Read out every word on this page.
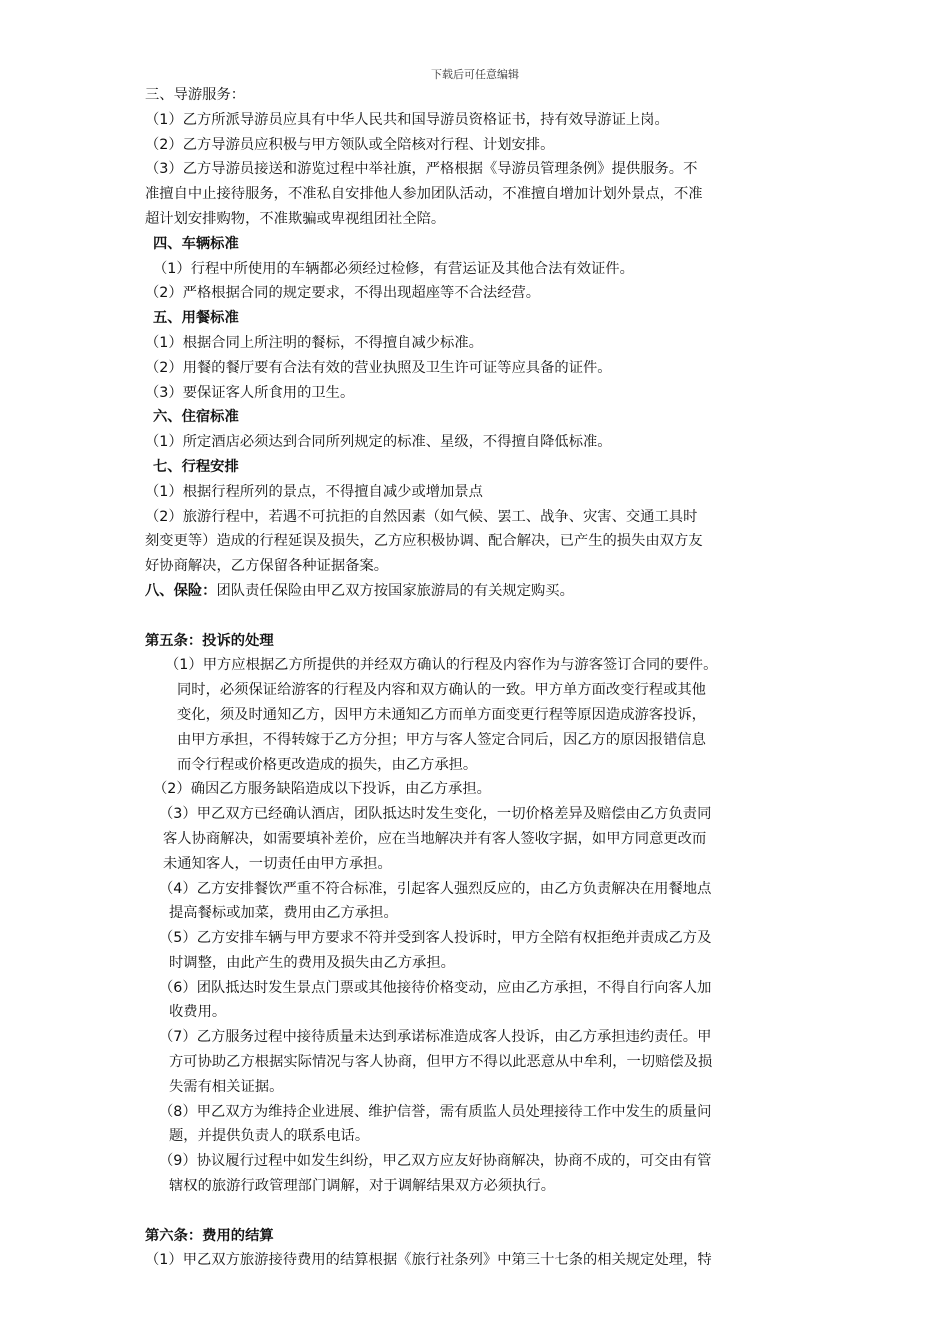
下载后可任意编辑
三、导游服务：
（1）乙方所派导游员应具有中华人民共和国导游员资格证书，持有效导游证上岗。
（2）乙方导游员应积极与甲方领队或全陪核对行程、计划安排。
（3）乙方导游员接送和游览过程中举社旗，严格根据《导游员管理条例》提供服务。不
准擅自中止接待服务，不准私自安排他人参加团队活动，不准擅自增加计划外景点，不准
超计划安排购物，不准欺骗或卑视组团社全陪。
四、车辆标准
（1）行程中所使用的车辆都必须经过检修，有营运证及其他合法有效证件。
（2）严格根据合同的规定要求，不得出现超座等不合法经营。
五、用餐标准
（1）根据合同上所注明的餐标，不得擅自减少标准。
（2）用餐的餐厅要有合法有效的营业执照及卫生许可证等应具备的证件。
（3）要保证客人所食用的卫生。
六、住宿标准
（1）所定酒店必须达到合同所列规定的标准、星级，不得擅自降低标准。
七、行程安排
（1）根据行程所列的景点，不得擅自减少或增加景点
（2）旅游行程中，若遇不可抗拒的自然因素（如气候、罢工、战争、灾害、交通工具时
刻变更等）造成的行程延误及损失，乙方应积极协调、配合解决，已产生的损失由双方友
好协商解决，乙方保留各种证据备案。
八、保险：团队责任保险由甲乙双方按国家旅游局的有关规定购买。
第五条：投诉的处理
（1）甲方应根据乙方所提供的并经双方确认的行程及内容作为与游客签订合同的要件。
同时，必须保证给游客的行程及内容和双方确认的一致。甲方单方面改变行程或其他
变化，须及时通知乙方，因甲方未通知乙方而单方面变更行程等原因造成游客投诉，
由甲方承担，不得转嫁于乙方分担；甲方与客人签定合同后，因乙方的原因报错信息
而令行程或价格更改造成的损失，由乙方承担。
（2）确因乙方服务缺陷造成以下投诉，由乙方承担。
（3）甲乙双方已经确认酒店，团队抵达时发生变化，一切价格差异及赔偿由乙方负责同
客人协商解决，如需要填补差价，应在当地解决并有客人签收字据，如甲方同意更改而
未通知客人，一切责任由甲方承担。
（4）乙方安排餐饮严重不符合标准，引起客人强烈反应的，由乙方负责解决在用餐地点
提高餐标或加菜，费用由乙方承担。
（5）乙方安排车辆与甲方要求不符并受到客人投诉时，甲方全陪有权拒绝并责成乙方及
时调整，由此产生的费用及损失由乙方承担。
（6）团队抵达时发生景点门票或其他接待价格变动，应由乙方承担，不得自行向客人加
收费用。
（7）乙方服务过程中接待质量未达到承诺标准造成客人投诉，由乙方承担违约责任。甲
方可协助乙方根据实际情况与客人协商，但甲方不得以此恶意从中牟利，一切赔偿及损
失需有相关证据。
（8）甲乙双方为维持企业进展、维护信誉，需有质监人员处理接待工作中发生的质量问
题，并提供负责人的联系电话。
（9）协议履行过程中如发生纠纷，甲乙双方应友好协商解决，协商不成的，可交由有管
辖权的旅游行政管理部门调解，对于调解结果双方必须执行。
第六条：费用的结算
（1）甲乙双方旅游接待费用的结算根据《旅行社条列》中第三十七条的相关规定处理，特
